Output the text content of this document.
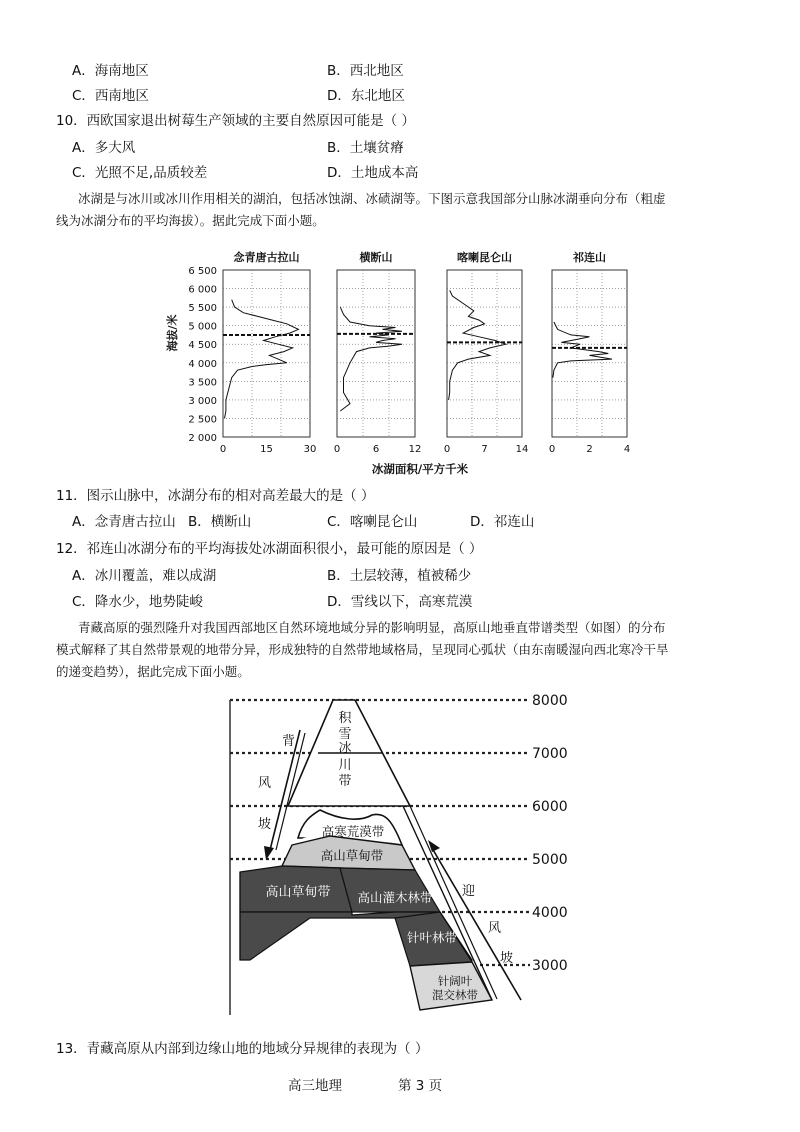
A．海南地区	B．西北地区
C．西南地区	D．东北地区
10．西欧国家退出树莓生产领域的主要自然原因可能是（ ）
A．多大风	B．土壤贫瘠
C．光照不足,品质较差	D．土地成本高
冰湖是与冰川或冰川作用相关的湖泊，包括冰蚀湖、冰碛湖等。下图示意我国部分山脉冰湖垂向分布（粗虚
线为冰湖分布的平均海拔）。据此完成下面小题。
6 500
6 000
5 500
5 000
4 500
4 000
3 500
3 000
2 500
2 000
海拔/米
冰湖面积/平方千米
念青唐古拉山
0	15	30
横断山
0	6	12
喀喇昆仑山
0	7	14
祁连山
0	2	4
11．图示山脉中，冰湖分布的相对高差最大的是（ ）
A．念青唐古拉山 B．横断山	C．喀喇昆仑山	D．祁连山
12．祁连山冰湖分布的平均海拔处冰湖面积很小，最可能的原因是（ ）
A．冰川覆盖，难以成湖	B．土层较薄，植被稀少
C．降水少，地势陡峻	D．雪线以下，高寒荒漠
青藏高原的强烈隆升对我国西部地区自然环境地域分异的影响明显，高原山地垂直带谱类型（如图）的分布
模式解释了其自然带景观的地带分异，形成独特的自然带地域格局，呈现同心弧状（由东南暖湿向西北寒冷干旱
的递变趋势），据此完成下面小题。
8000
7000
6000
5000
4000
3000
积
雪
冰
川
带
高寒荒漠带
高山草甸带
高山草甸带 高山灌木林带
针叶林带
针阔叶
混交林带
背
风
坡
迎
风
坡
13．青藏高原从内部到边缘山地的地域分异规律的表现为（ ）
高三地理	第 3 页
